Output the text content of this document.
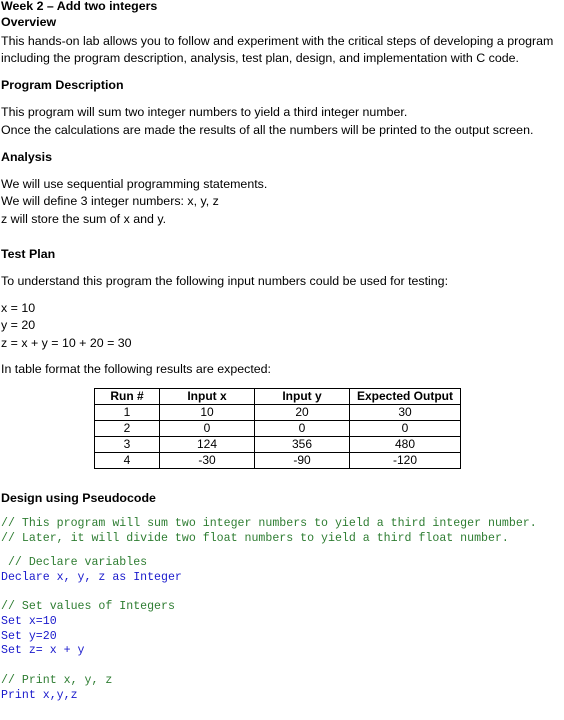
Week 2 – Add two integers
Overview
This hands-on lab allows you to follow and experiment with the critical steps of developing a program
including the program description, analysis, test plan, design, and implementation with C code.
Program Description
This program will sum two integer numbers to yield a third integer number.
Once the calculations are made the results of all the numbers will be printed to the output screen.
Analysis
We will use sequential programming statements.
We will define 3 integer numbers: x, y, z
z will store the sum of x and y.
Test Plan
To understand this program the following input numbers could be used for testing:
x = 10
y = 20
z = x + y = 10 + 20 = 30
In table format the following results are expected:
Run #	Input x	Input y	Expected Output
1	10	20	30
2	0	0	0
3	124	356	480
4	-30	-90	-120
Design using Pseudocode
// This program will sum two integer numbers to yield a third integer number.
// Later, it will divide two float numbers to yield a third float number.
// Declare variables
Declare x, y, z as Integer
// Set values of Integers
Set x=10
Set y=20
Set z= x + y
// Print x, y, z
Print x,y,z
